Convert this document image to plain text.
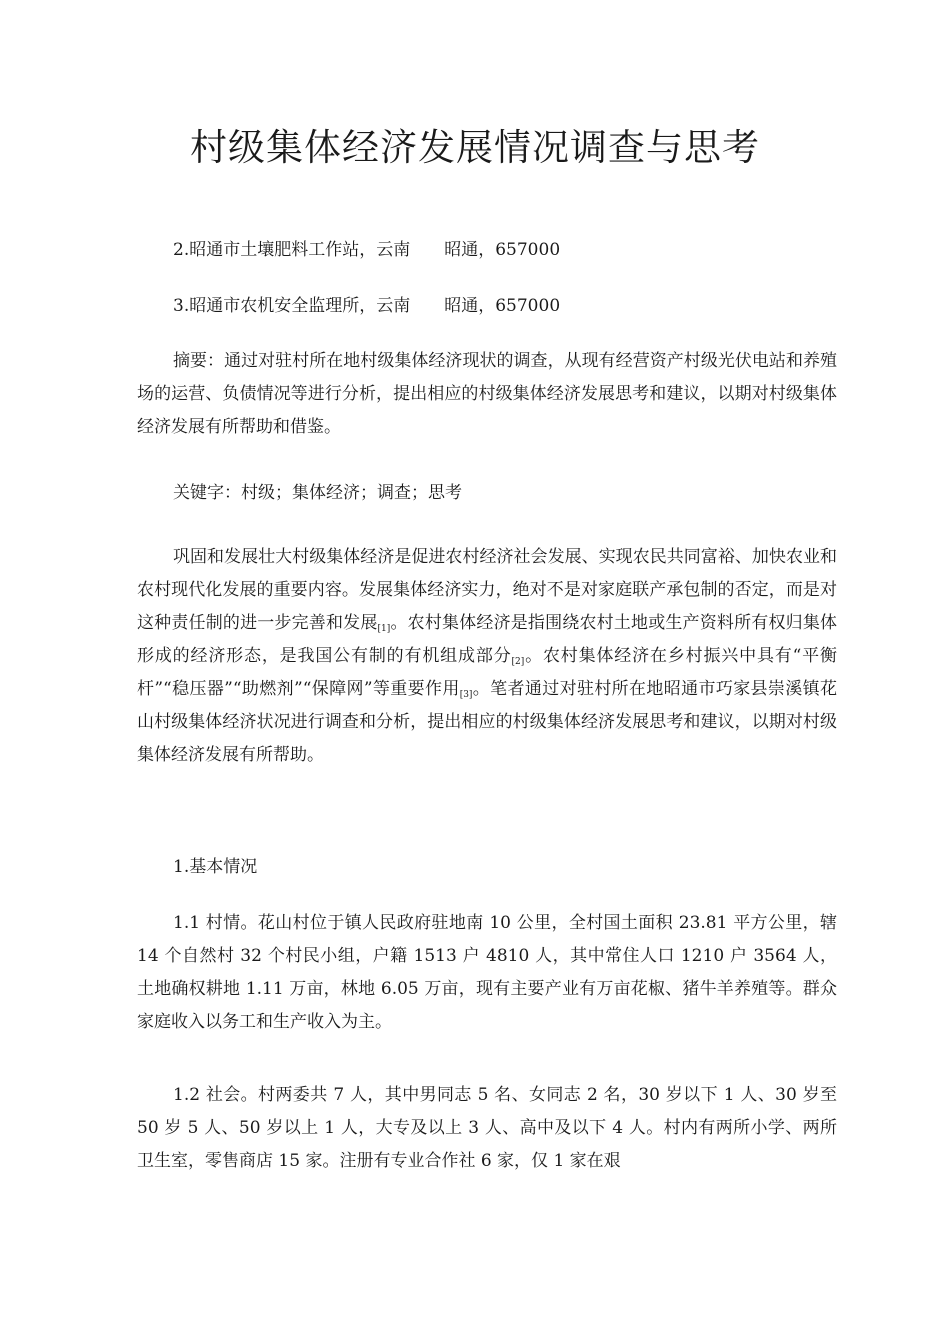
村级集体经济发展情况调查与思考
2.昭通市土壤肥料工作站，云南 昭通，657000
3.昭通市农机安全监理所，云南 昭通，657000
摘要：通过对驻村所在地村级集体经济现状的调查，从现有经营资产村级光伏电站和养殖场的运营、负债情况等进行分析，提出相应的村级集体经济发展思考和建议，以期对村级集体经济发展有所帮助和借鉴。
关键字：村级；集体经济；调查；思考
巩固和发展壮大村级集体经济是促进农村经济社会发展、实现农民共同富裕、加快农业和农村现代化发展的重要内容。发展集体经济实力，绝对不是对家庭联产承包制的否定，而是对这种责任制的进一步完善和发展$_{[1]}$。农村集体经济是指围绕农村土地或生产资料所有权归集体形成的经济形态，是我国公有制的有机组成部分$_{[2]}$。农村集体经济在乡村振兴中具有“平衡杆”“稳压器”“助燃剂”“保障网”等重要作用$_{[3]}$。笔者通过对驻村所在地昭通市巧家县崇溪镇花山村级集体经济状况进行调查和分析，提出相应的村级集体经济发展思考和建议，以期对村级集体经济发展有所帮助。
1.基本情况
1.1 村情。花山村位于镇人民政府驻地南 10 公里，全村国土面积 23.81 平方公里，辖 14 个自然村 32 个村民小组，户籍 1513 户 4810 人，其中常住人口 1210 户 3564 人，土地确权耕地 1.11 万亩，林地 6.05 万亩，现有主要产业有万亩花椒、猪牛羊养殖等。群众家庭收入以务工和生产收入为主。
1.2 社会。村两委共 7 人，其中男同志 5 名、女同志 2 名，30 岁以下 1 人、30 岁至 50 岁 5 人、50 岁以上 1 人，大专及以上 3 人、高中及以下 4 人。村内有两所小学、两所卫生室，零售商店 15 家。注册有专业合作社 6 家，仅 1 家在艰
